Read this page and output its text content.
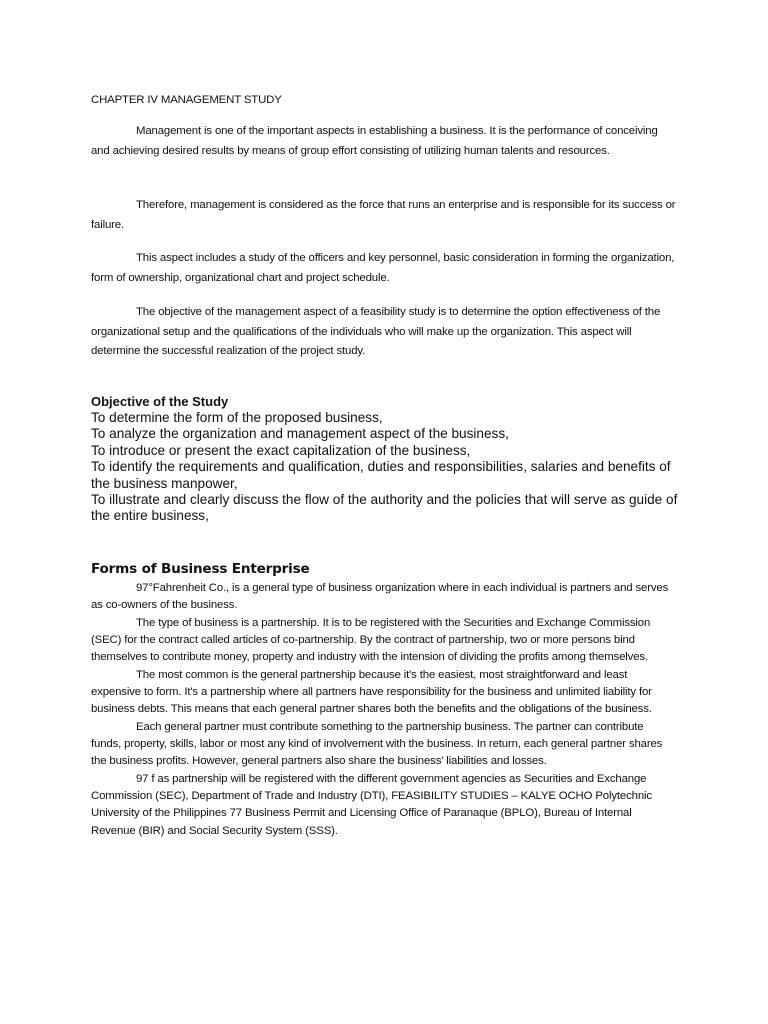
CHAPTER IV MANAGEMENT STUDY
Management is one of the important aspects in establishing a business. It is the performance of conceiving and achieving desired results by means of group effort consisting of utilizing human talents and resources.
Therefore, management is considered as the force that runs an enterprise and is responsible for its success or failure.
This aspect includes a study of the officers and key personnel, basic consideration in forming the organization, form of ownership, organizational chart and project schedule.
The objective of the management aspect of a feasibility study is to determine the option effectiveness of the organizational setup and the qualifications of the individuals who will make up the organization. This aspect will determine the successful realization of the project study.
Objective of the Study
To determine the form of the proposed business,
To analyze the organization and management aspect of the business,
To introduce or present the exact capitalization of the business,
To identify the requirements and qualification, duties and responsibilities, salaries and benefits of the business manpower,
To illustrate and clearly discuss the flow of the authority and the policies that will serve as guide of the entire business,
Forms of Business Enterprise

97°Fahrenheit Co., is a general type of business organization where in each individual is partners and serves as co-owners of the business.

The type of business is a partnership. It is to be registered with the Securities and Exchange Commission (SEC) for the contract called articles of co-partnership. By the contract of partnership, two or more persons bind themselves to contribute money, property and industry with the intension of dividing the profits among themselves.

The most common is the general partnership because it's the easiest, most straightforward and least expensive to form. It's a partnership where all partners have responsibility for the business and unlimited liability for business debts. This means that each general partner shares both the benefits and the obligations of the business.

Each general partner must contribute something to the partnership business. The partner can contribute funds, property, skills, labor or most any kind of involvement with the business. In return, each general partner shares the business profits. However, general partners also share the business' liabilities and losses.

97 f as partnership will be registered with the different government agencies as Securities and Exchange Commission (SEC), Department of Trade and Industry (DTI), FEASIBILITY STUDIES – KALYE OCHO Polytechnic University of the Philippines 77 Business Permit and Licensing Office of Paranaque (BPLO), Bureau of Internal Revenue (BIR) and Social Security System (SSS).
